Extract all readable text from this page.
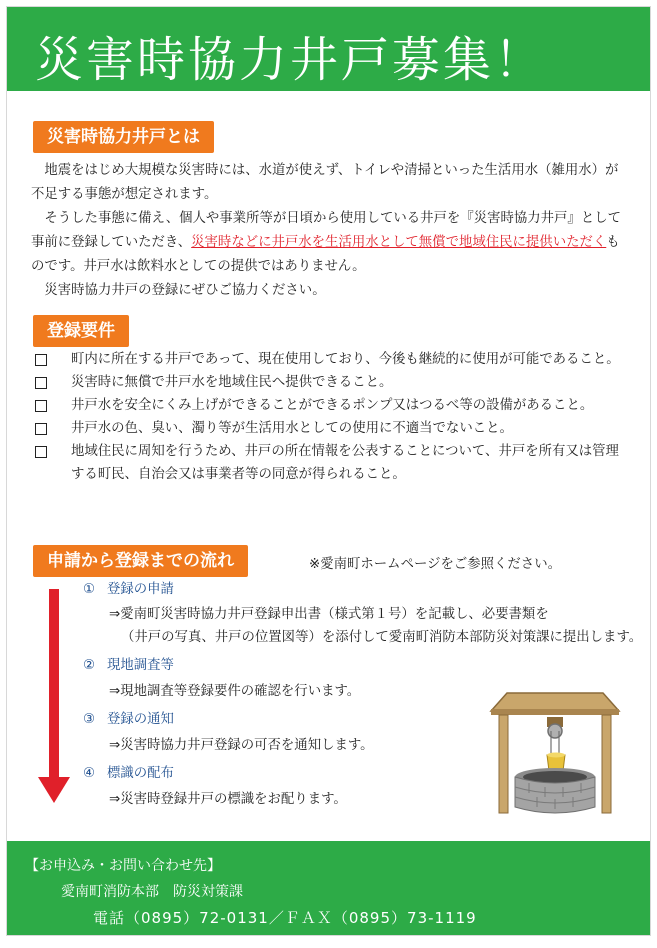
災害時協力井戸募集！
災害時協力井戸とは

地震をはじめ大規模な災害時には、水道が使えず、トイレや清掃といった生活用水（雑用水）が不足する事態が想定されます。

そうした事態に備え、個人や事業所等が日頃から使用している井戸を『災害時協力井戸』として事前に登録していただき、災害時などに井戸水を生活用水として無償で地域住民に提供いただくものです。井戸水は飲料水としての提供ではありません。

災害時協力井戸の登録にぜひご協力ください。

登録要件
町内に所在する井戸であって、現在使用しており、今後も継続的に使用が可能であること。
災害時に無償で井戸水を地域住民へ提供できること。
井戸水を安全にくみ上げができることができるポンプ又はつるべ等の設備があること。
井戸水の色、臭い、濁り等が生活用水としての使用に不適当でないこと。
地域住民に周知を行うため、井戸の所在情報を公表することについて、井戸を所有又は管理する町民、自治会又は事業者等の同意が得られること。
申請から登録までの流れ	※愛南町ホームページをご参照ください。
① 登録の申請
⇒愛南町災害時協力井戸登録申出書（様式第１号）を記載し、必要書類を
（井戸の写真、井戸の位置図等）を添付して愛南町消防本部防災対策課に提出します。
② 現地調査等
⇒現地調査等登録要件の確認を行います。
③ 登録の通知
⇒災害時協力井戸登録の可否を通知します。
④ 標識の配布
⇒災害時登録井戸の標識をお配ります。
【お申込み・お問い合わせ先】
愛南町消防本部　防災対策課
電話（0895）72-0131／ＦＡＸ（0895）73-1119
